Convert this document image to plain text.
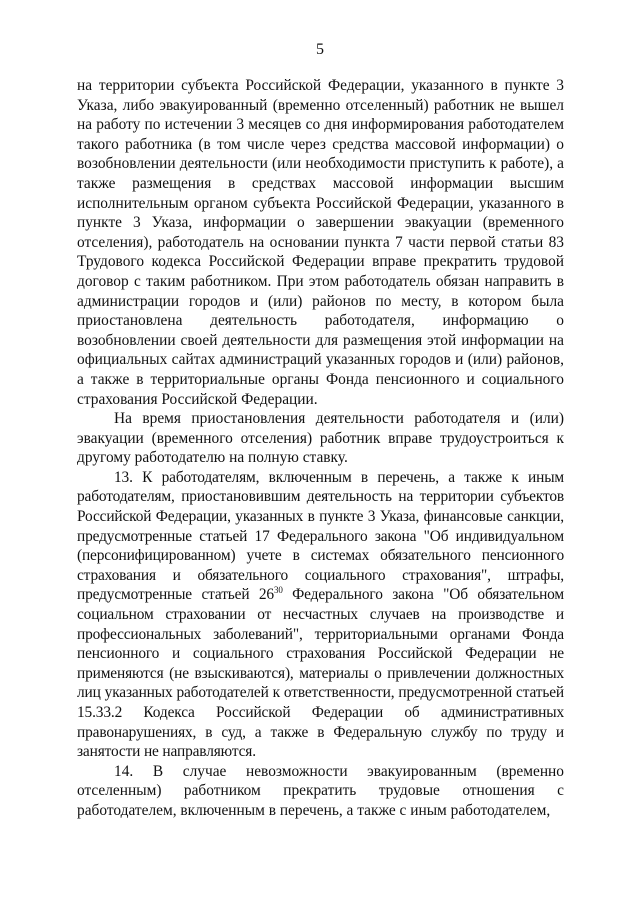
5

на территории субъекта Российской Федерации, указанного в пункте 3 Указа, либо эвакуированный (временно отселенный) работник не вышел на работу по истечении 3 месяцев со дня информирования работодателем такого работника (в том числе через средства массовой информации) о возобновлении деятельности (или необходимости приступить к работе), а также размещения в средствах массовой информации высшим исполнительным органом субъекта Российской Федерации, указанного в пункте 3 Указа, информации о завершении эвакуации (временного отселения), работодатель на основании пункта 7 части первой статьи 83 Трудового кодекса Российской Федерации вправе прекратить трудовой договор с таким работником. При этом работодатель обязан направить в администрации городов и (или) районов по месту, в котором была приостановлена деятельность работодателя, информацию о возобновлении своей деятельности для размещения этой информации на официальных сайтах администраций указанных городов и (или) районов, а также в территориальные органы Фонда пенсионного и социального страхования Российской Федерации.

На время приостановления деятельности работодателя и (или) эвакуации (временного отселения) работник вправе трудоустроиться к другому работодателю на полную ставку.

13. К работодателям, включенным в перечень, а также к иным работодателям, приостановившим деятельность на территории субъектов Российской Федерации, указанных в пункте 3 Указа, финансовые санкции, предусмотренные статьей 17 Федерального закона "Об индивидуальном (персонифицированном) учете в системах обязательного пенсионного страхования и обязательного социального страхования", штрафы, предусмотренные статьей $26^{30}$ Федерального закона "Об обязательном социальном страховании от несчастных случаев на производстве и профессиональных заболеваний", территориальными органами Фонда пенсионного и социального страхования Российской Федерации не применяются (не взыскиваются), материалы о привлечении должностных лиц указанных работодателей к ответственности, предусмотренной статьей 15.33.2 Кодекса Российской Федерации об административных правонарушениях, в суд, а также в Федеральную службу по труду и занятости не направляются.

14. В случае невозможности эвакуированным (временно отселенным) работником прекратить трудовые отношения с работодателем, включенным в перечень, а также с иным работодателем,
